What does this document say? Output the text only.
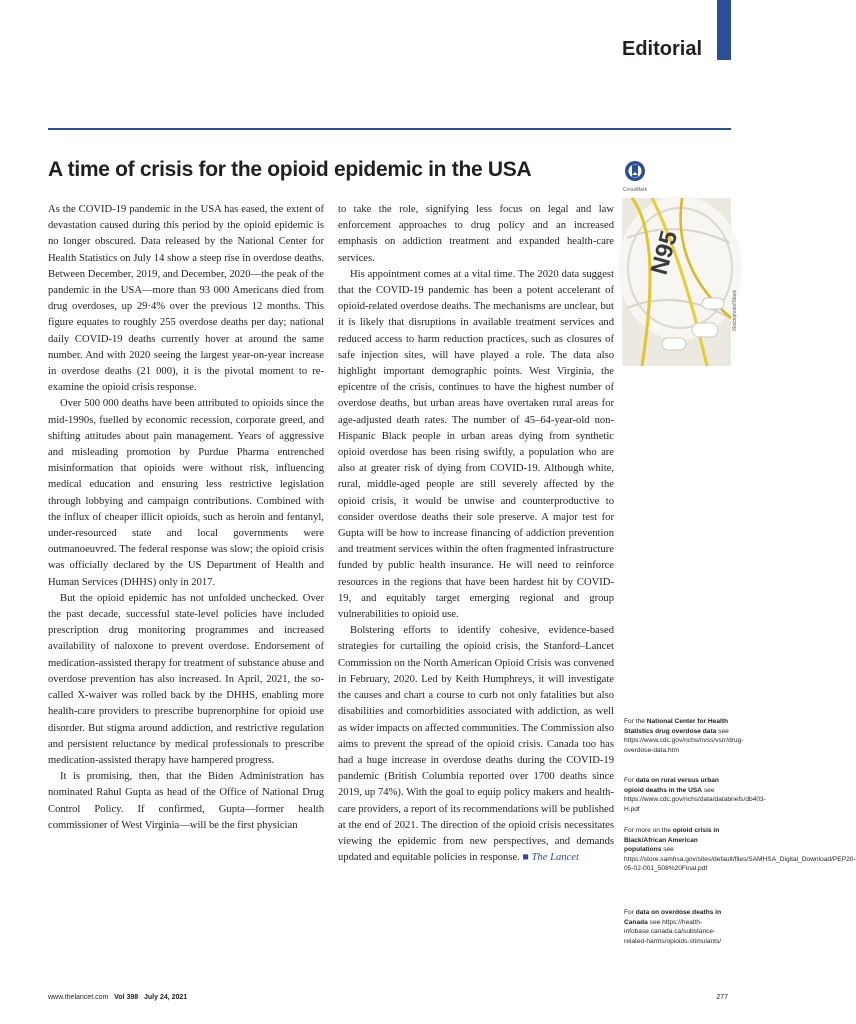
Editorial
A time of crisis for the opioid epidemic in the USA
CrossMark

As the COVID-19 pandemic in the USA has eased, the extent of devastation caused during this period by the opioid epidemic is no longer obscured. Data released by the National Center for Health Statistics on July 14 show a steep rise in overdose deaths. Between December, 2019, and December, 2020—the peak of the pandemic in the USA—more than 93 000 Americans died from drug overdoses, up 29·4% over the previous 12 months. This figure equates to roughly 255 overdose deaths per day; national daily COVID-19 deaths currently hover at around the same number. And with 2020 seeing the largest year-on-year increase in overdose deaths (21 000), it is the pivotal moment to re-examine the opioid crisis response.

Over 500 000 deaths have been attributed to opioids since the mid-1990s, fuelled by economic recession, corporate greed, and shifting attitudes about pain management. Years of aggressive and misleading promotion by Purdue Pharma entrenched misinformation that opioids were without risk, influencing medical education and ensuring less restrictive legislation through lobbying and campaign contributions. Combined with the influx of cheaper illicit opioids, such as heroin and fentanyl, under-resourced state and local governments were outmanoeuvred. The federal response was slow; the opioid crisis was officially declared by the US Department of Health and Human Services (DHHS) only in 2017.

But the opioid epidemic has not unfolded unchecked. Over the past decade, successful state-level policies have included prescription drug monitoring programmes and increased availability of naloxone to prevent overdose. Endorsement of medication-assisted therapy for treatment of substance abuse and overdose prevention has also increased. In April, 2021, the so-called X-waiver was rolled back by the DHHS, enabling more health-care providers to prescribe buprenorphine for opioid use disorder. But stigma around addiction, and restrictive regulation and persistent reluctance by medical professionals to prescribe medication-assisted therapy have hampered progress.

It is promising, then, that the Biden Administration has nominated Rahul Gupta as head of the Office of National Drug Control Policy. If confirmed, Gupta—former health commissioner of West Virginia—will be the first physician

to take the role, signifying less focus on legal and law enforcement approaches to drug policy and an increased emphasis on addiction treatment and expanded health-care services.

His appointment comes at a vital time. The 2020 data suggest that the COVID-19 pandemic has been a potent accelerant of opioid-related overdose deaths. The mechanisms are unclear, but it is likely that disruptions in available treatment services and reduced access to harm reduction practices, such as closures of safe injection sites, will have played a role. The data also highlight important demographic points. West Virginia, the epicentre of the crisis, continues to have the highest number of overdose deaths, but urban areas have overtaken rural areas for age-adjusted death rates. The number of 45–64-year-old non-Hispanic Black people in urban areas dying from synthetic opioid overdose has been rising swiftly, a population who are also at greater risk of dying from COVID-19. Although white, rural, middle-aged people are still severely affected by the opioid crisis, it would be unwise and counterproductive to consider overdose deaths their sole preserve. A major test for Gupta will be how to increase financing of addiction prevention and treatment services within the often fragmented infrastructure funded by public health insurance. He will need to reinforce resources in the regions that have been hardest hit by COVID-19, and equitably target emerging regional and group vulnerabilities to opioid use.

Bolstering efforts to identify cohesive, evidence-based strategies for curtailing the opioid crisis, the Stanford–Lancet Commission on the North American Opioid Crisis was convened in February, 2020. Led by Keith Humphreys, it will investigate the causes and chart a course to curb not only fatalities but also disabilities and comorbidities associated with addiction, as well as wider impacts on affected communities. The Commission also aims to prevent the spread of the opioid crisis. Canada too has had a huge increase in overdose deaths during the COVID-19 pandemic (British Columbia reported over 1700 deaths since 2019, up 74%). With the goal to equip policy makers and health-care providers, a report of its recommendations will be published at the end of 2021. The direction of the opioid crisis necessitates viewing the epidemic from new perspectives, and demands updated and equitable policies in response. ■ The Lancet

N95
iStockphoto/iStock
For the National Center for Health Statistics drug overdose data see https://www.cdc.gov/nchs/nvss/vsrr/drug-overdose-data.htm
For data on rural versus urban opioid deaths in the USA see https://www.cdc.gov/nchs/data/databriefs/db403-H.pdf
For more on the opioid crisis in Black/African American populations see https://store.samhsa.gov/sites/default/files/SAMHSA_Digital_Download/PEP20-05-02-001_508%20Final.pdf
For data on overdose deaths in Canada see https://health-infobase.canada.ca/substance-related-harms/opioids-stimulants/
www.thelancet.com Vol 398 July 24, 2021	277
